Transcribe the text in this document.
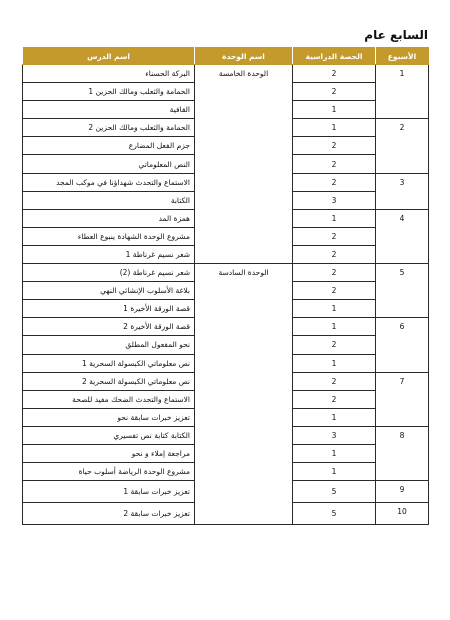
السابع عام
الأسبوع	الحصة الدراسية	اسم الوحدة	اسم الدرس
1	2	الوحدة الخامسة	البركة الحسناء
	2		الحمامة والثعلب ومالك الحزين 1
	1		القافية
2	1		الحمامة والثعلب ومالك الحزين 2
	2		جزم الفعل المضارع
	2		النص المعلوماتي
3	2		الاستماع والتحدث شهداؤنا في موكب المجد
	3		الكتابة
4	1		همزة المد
	2		مشروع الوحدة الشهادة ينبوع العطاء
	2		شعر نسيم غرناطة 1
5	2	الوحدة السادسة	شعر نسيم غرناطة (2)
	2		بلاغة الأسلوب الإنشائي النهي
	1		قصة الورقة الأخيرة 1
6	1		قصة الورقة الأخيرة 2
	2		نحو المفعول المطلق
	1		نص معلوماتي الكبسولة السحرية 1
7	2		نص معلوماتي الكبسولة السحرية 2
	2		الاستماع والتحدث الضحك مفيد للصحة
	1		تعزيز خبرات سابقة نحو
8	3		الكتابة كتابة نص تفسيري
	1		مراجعة إملاء و نحو
	1		مشروع الوحدة الرياضة أسلوب حياة
9	5		تعزيز خبرات سابقة 1
10	5		تعزيز خبرات سابقة 2
